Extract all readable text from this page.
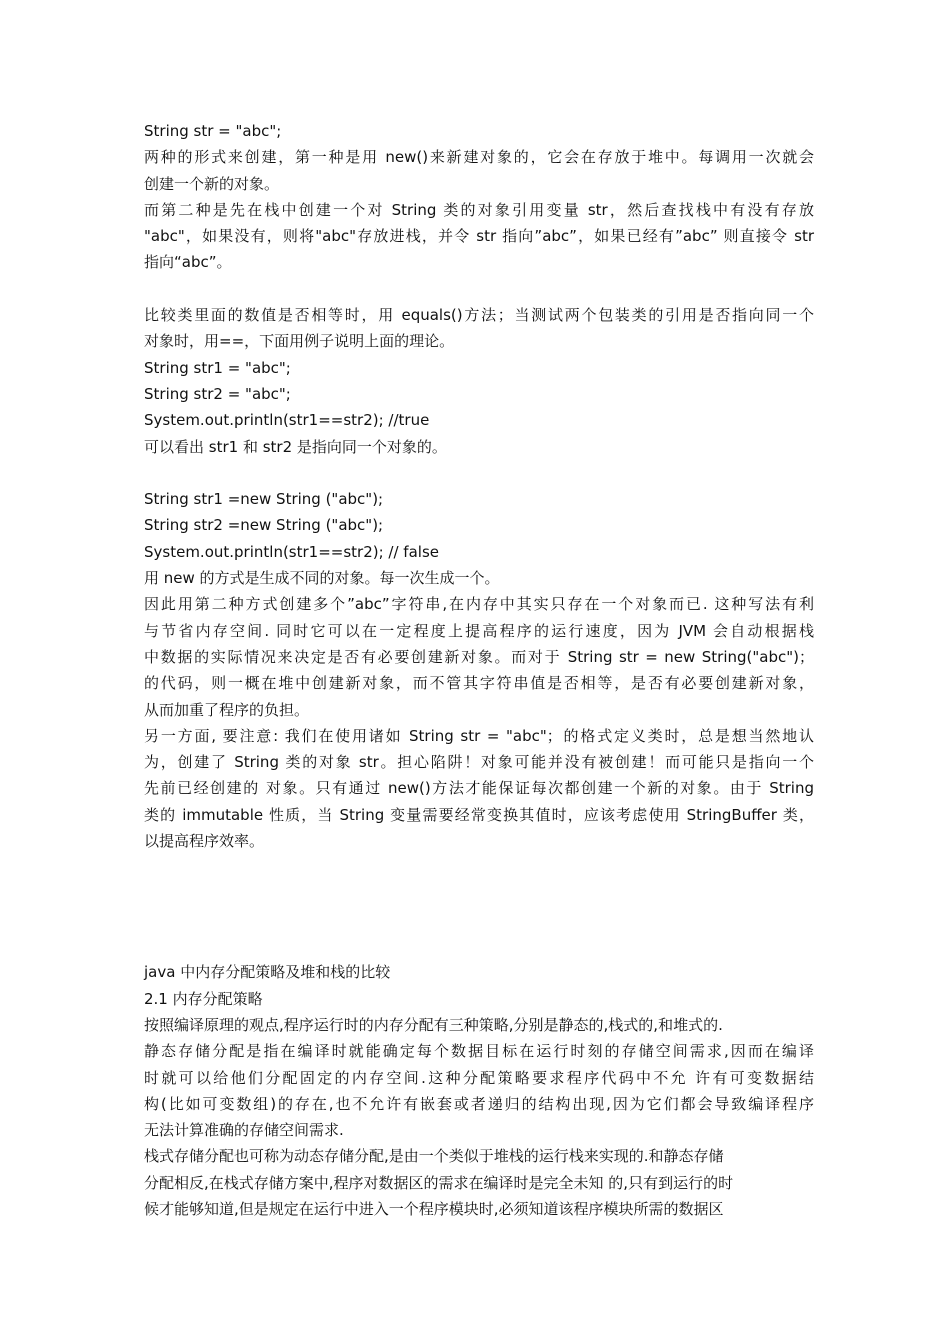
String str = "abc";
两种的形式来创建，第一种是用 new()来新建对象的，它会在存放于堆中。每调用一次就会
创建一个新的对象。
而第二种是先在栈中创建一个对 String 类的对象引用变量 str，然后查找栈中有没有存放
"abc"，如果没有，则将"abc"存放进栈，并令 str 指向”abc”，如果已经有”abc” 则直接令 str
指向“abc”。
比较类里面的数值是否相等时，用 equals()方法；当测试两个包装类的引用是否指向同一个
对象时，用==，下面用例子说明上面的理论。
String str1 = "abc";
String str2 = "abc";
System.out.println(str1==str2); //true
可以看出 str1 和 str2 是指向同一个对象的。
String str1 =new String ("abc");
String str2 =new String ("abc");
System.out.println(str1==str2); // false
用 new 的方式是生成不同的对象。每一次生成一个。
因此用第二种方式创建多个”abc”字符串,在内存中其实只存在一个对象而已. 这种写法有利
与节省内存空间. 同时它可以在一定程度上提高程序的运行速度，因为 JVM 会自动根据栈
中数据的实际情况来决定是否有必要创建新对象。而对于 String str = new String("abc")；
的代码，则一概在堆中创建新对象，而不管其字符串值是否相等，是否有必要创建新对象，
从而加重了程序的负担。
另一方面, 要注意: 我们在使用诸如 String str = "abc"；的格式定义类时，总是想当然地认
为，创建了 String 类的对象 str。担心陷阱！对象可能并没有被创建！而可能只是指向一个
先前已经创建的 对象。只有通过 new()方法才能保证每次都创建一个新的对象。由于 String
类的 immutable 性质，当 String 变量需要经常变换其值时，应该考虑使用 StringBuffer 类，
以提高程序效率。
java 中内存分配策略及堆和栈的比较
2.1 内存分配策略
按照编译原理的观点,程序运行时的内存分配有三种策略,分别是静态的,栈式的,和堆式的.
静态存储分配是指在编译时就能确定每个数据目标在运行时刻的存储空间需求,因而在编译
时就可以给他们分配固定的内存空间.这种分配策略要求程序代码中不允 许有可变数据结
构(比如可变数组)的存在,也不允许有嵌套或者递归的结构出现,因为它们都会导致编译程序
无法计算准确的存储空间需求.
栈式存储分配也可称为动态存储分配,是由一个类似于堆栈的运行栈来实现的.和静态存储
分配相反,在栈式存储方案中,程序对数据区的需求在编译时是完全未知 的,只有到运行的时
候才能够知道,但是规定在运行中进入一个程序模块时,必须知道该程序模块所需的数据区
